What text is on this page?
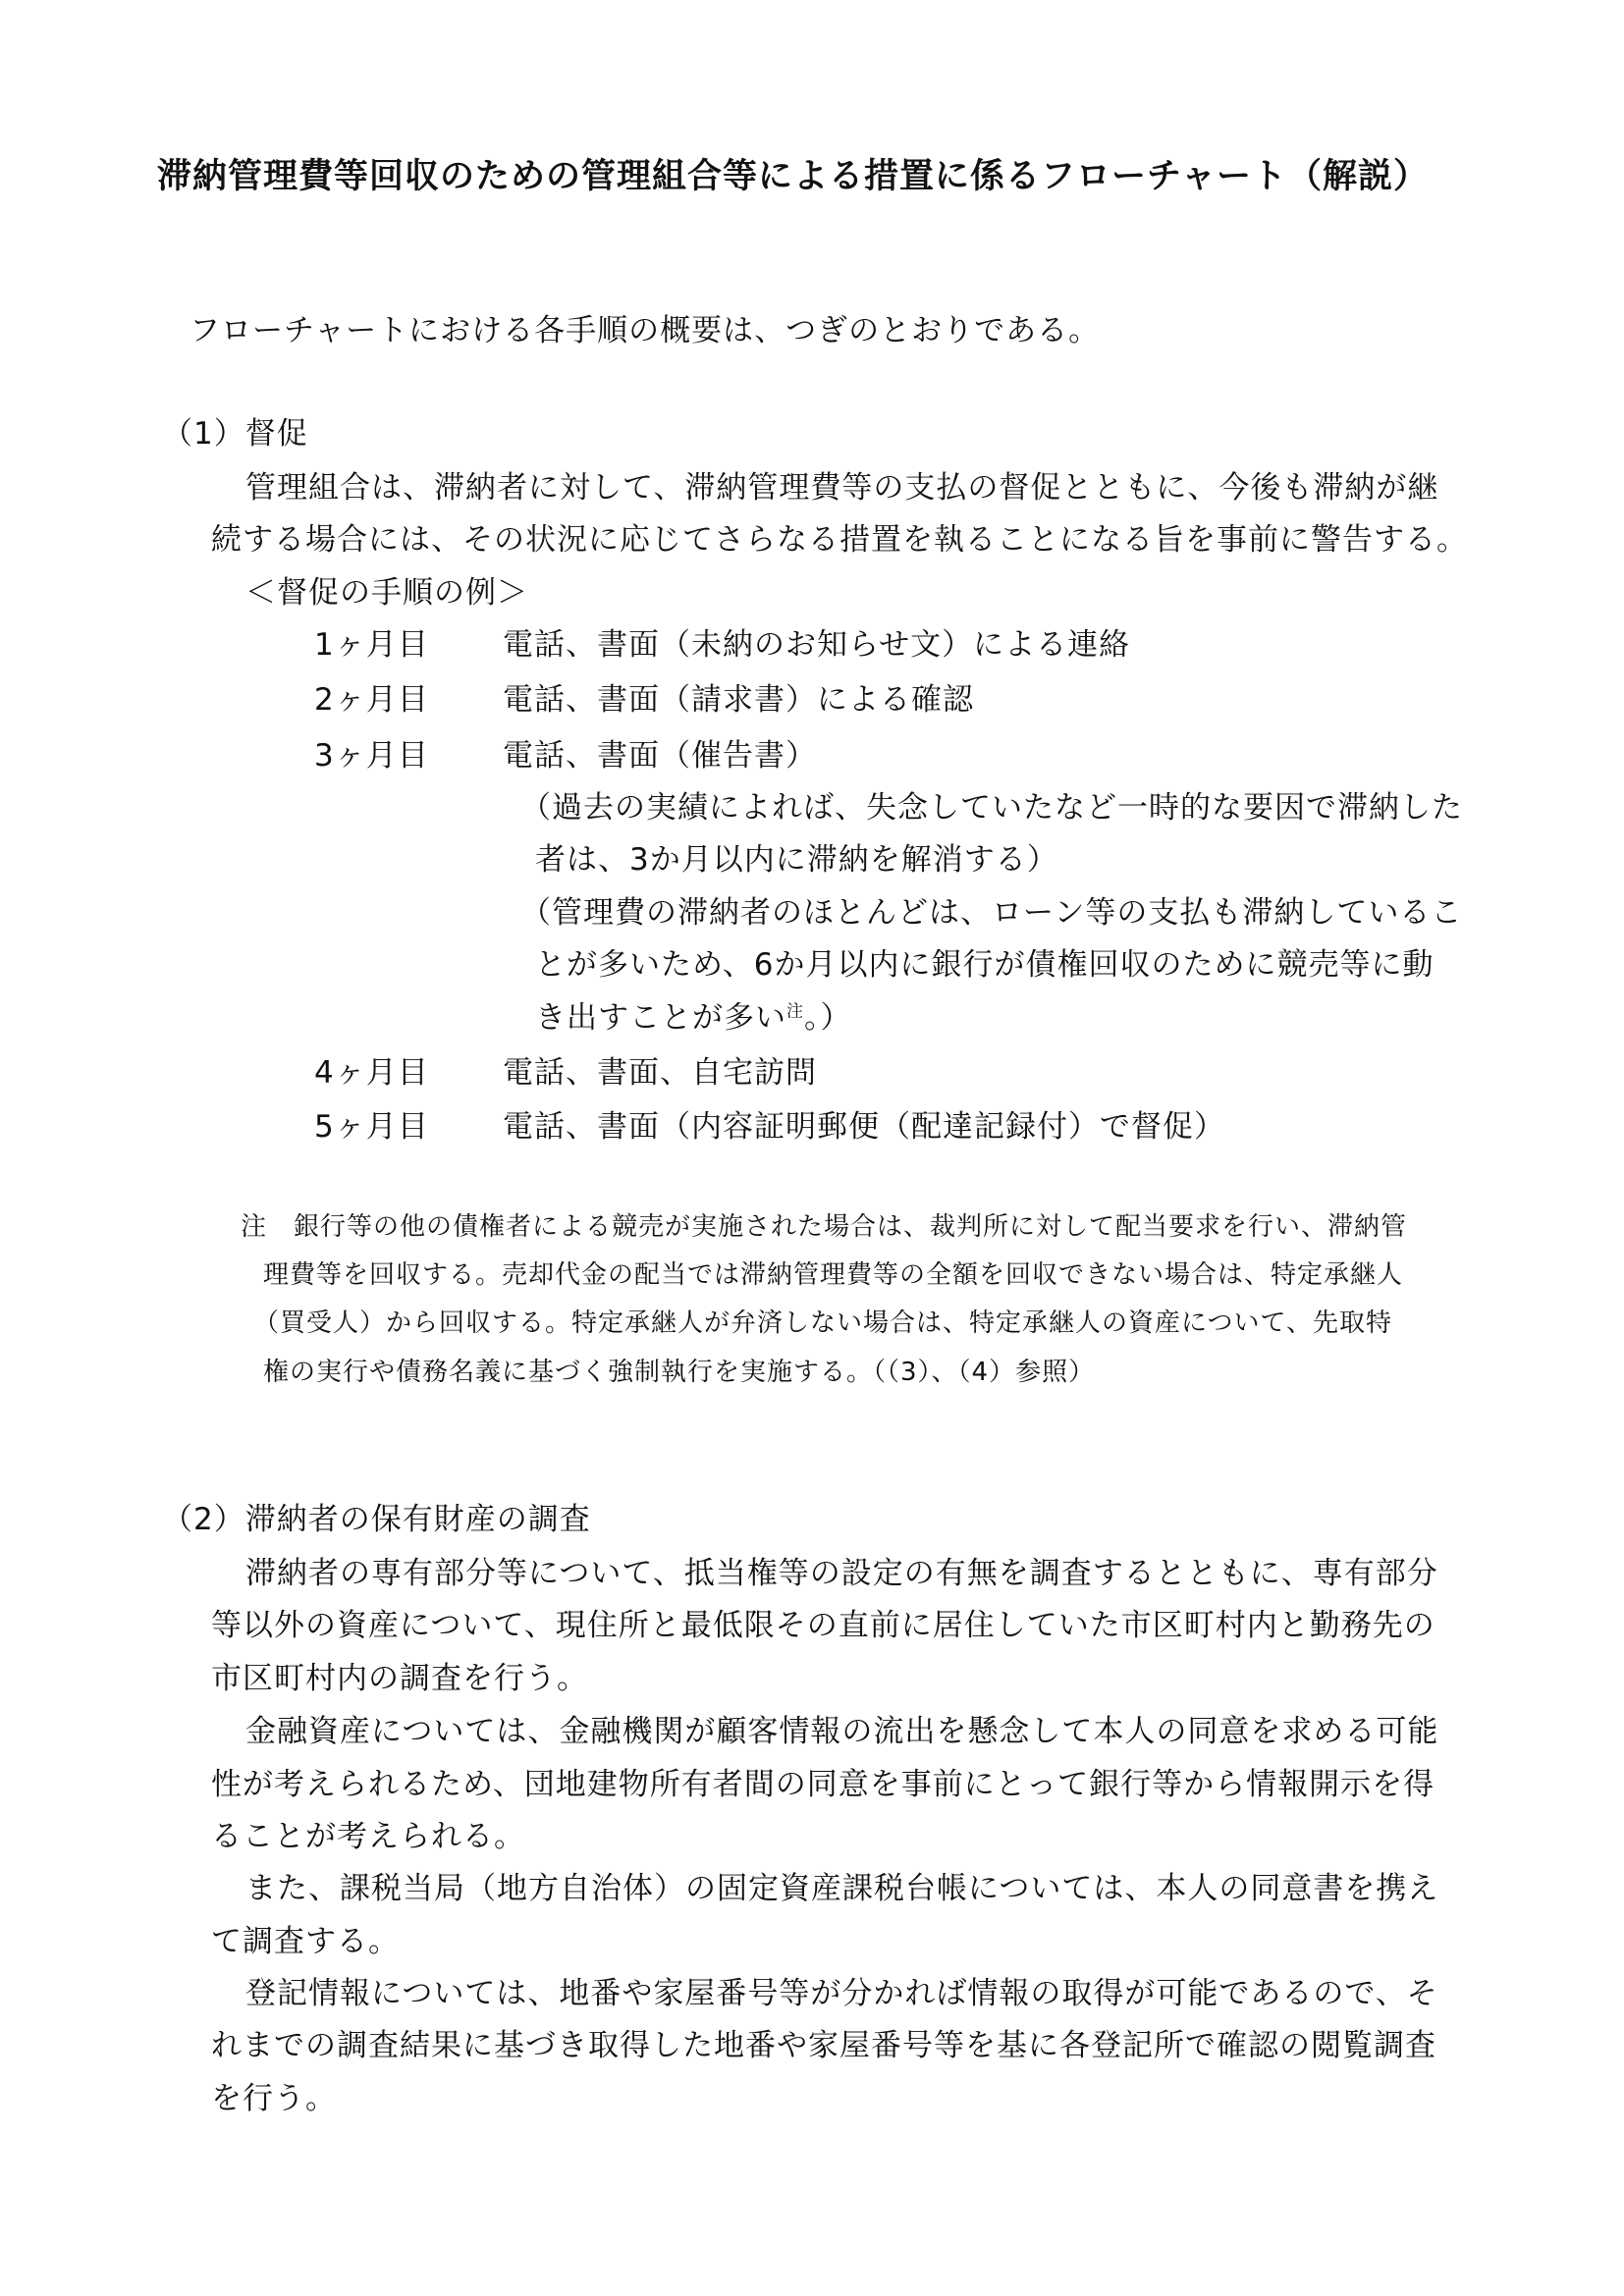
滞納管理費等回収のための管理組合等による措置に係るフローチャート（解説）
フローチャートにおける各手順の概要は、つぎのとおりである。
（1）督促
管理組合は、滞納者に対して、滞納管理費等の支払の督促とともに、今後も滞納が継
続する場合には、その状況に応じてさらなる措置を執ることになる旨を事前に警告する。
＜督促の手順の例＞
1ヶ月目 電話、書面（未納のお知らせ文）による連絡
2ヶ月目 電話、書面（請求書）による確認
3ヶ月目 電話、書面（催告書）
（過去の実績によれば、失念していたなど一時的な要因で滞納した
者は、3か月以内に滞納を解消する）
（管理費の滞納者のほとんどは、ローン等の支払も滞納しているこ
とが多いため、6か月以内に銀行が債権回収のために競売等に動
き出すことが多い$^注$。）
4ヶ月目 電話、書面、自宅訪問
5ヶ月目 電話、書面（内容証明郵便（配達記録付）で督促）
注　銀行等の他の債権者による競売が実施された場合は、裁判所に対して配当要求を行い、滞納管
理費等を回収する。売却代金の配当では滞納管理費等の全額を回収できない場合は、特定承継人
（買受人）から回収する。特定承継人が弁済しない場合は、特定承継人の資産について、先取特
権の実行や債務名義に基づく強制執行を実施する。（（3）、（4）参照）
（2）滞納者の保有財産の調査
滞納者の専有部分等について、抵当権等の設定の有無を調査するとともに、専有部分
等以外の資産について、現住所と最低限その直前に居住していた市区町村内と勤務先の
市区町村内の調査を行う。
金融資産については、金融機関が顧客情報の流出を懸念して本人の同意を求める可能
性が考えられるため、団地建物所有者間の同意を事前にとって銀行等から情報開示を得
ることが考えられる。
また、課税当局（地方自治体）の固定資産課税台帳については、本人の同意書を携え
て調査する。
登記情報については、地番や家屋番号等が分かれば情報の取得が可能であるので、そ
れまでの調査結果に基づき取得した地番や家屋番号等を基に各登記所で確認の閲覧調査
を行う。
